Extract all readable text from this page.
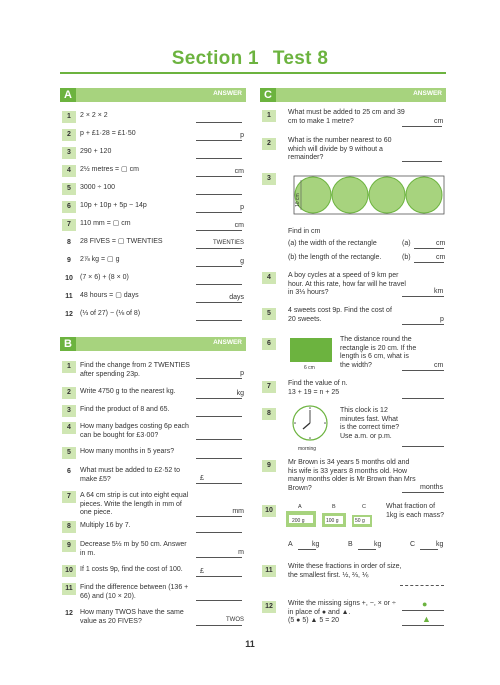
Section 1 Test 8
A	ANSWER
1	2 × 2 × 2
2	p + £1·28 = £1·50	p
3	290 + 120
4	2½ metres = ▢ cm	cm
5	3000 ÷ 100
6	10p + 10p + 5p − 14p	p
7	110 mm = ▢ cm	cm
8	28 FIVES = ▢ TWENTIES	TWENTIES
9	2⅞ kg = ▢ g	g
10	(7 × 6) + (8 × 0)
11	48 hours = ▢ days	days
12	(⅓ of 27) − (⅛ of 8)
B	ANSWER
1	Find the change from 2 TWENTIES after spending 23p.	p
2	Write 4750 g to the nearest kg.	kg
3	Find the product of 8 and 65.
4	How many badges costing 6p each can be bought for £3·00?
5	How many months in 5 years?
6	What must be added to £2·52 to make £5?	£
7	A 64 cm strip is cut into eight equal pieces. Write the length in mm of one piece.	mm
8	Multiply 16 by 7.
9	Decrease 5½ m by 50 cm. Answer in m.	m
10	If 1 costs 9p, find the cost of 100.	£
11	Find the difference between (136 + 66) and (10 × 20).
12	How many TWOS have the same value as 20 FIVES?	TWOS
C	ANSWER
1	What must be added to 25 cm and 39 cm to make 1 metre?	cm
2	What is the number nearest to 60 which will divide by 9 without a remainder?
3
10 cm
Find in cm
(a) the width of the rectangle	(a)	cm
(b) the length of the rectangle.	(b)	cm
4	A boy cycles at a speed of 9 km per hour. At this rate, how far will he travel in 3⅓ hours?	km
5	4 sweets cost 9p. Find the cost of 20 sweets.	p
6
6 cm
The distance round the rectangle is 20 cm. If the length is 6 cm, what is the width?	cm
7	Find the value of n.
13 + 19 = n + 25
8
morning
This clock is 12 minutes fast. What is the correct time? Use a.m. or p.m.
9	Mr Brown is 34 years 5 months old and his wife is 33 years 8 months old. How many months older is Mr Brown than Mrs Brown?	months
10	A	B	C
200 g	100 g	50 g
What fraction of 1kg is each mass?
A	kg	B	kg	C	kg
11
Write these fractions in order of size, the smallest first. ½, ⅔, ⅙
12	Write the missing signs +, −, × or ÷ in place of ● and ▲.
(5 ● 5) ▲ 5 = 20
●
▲
11
